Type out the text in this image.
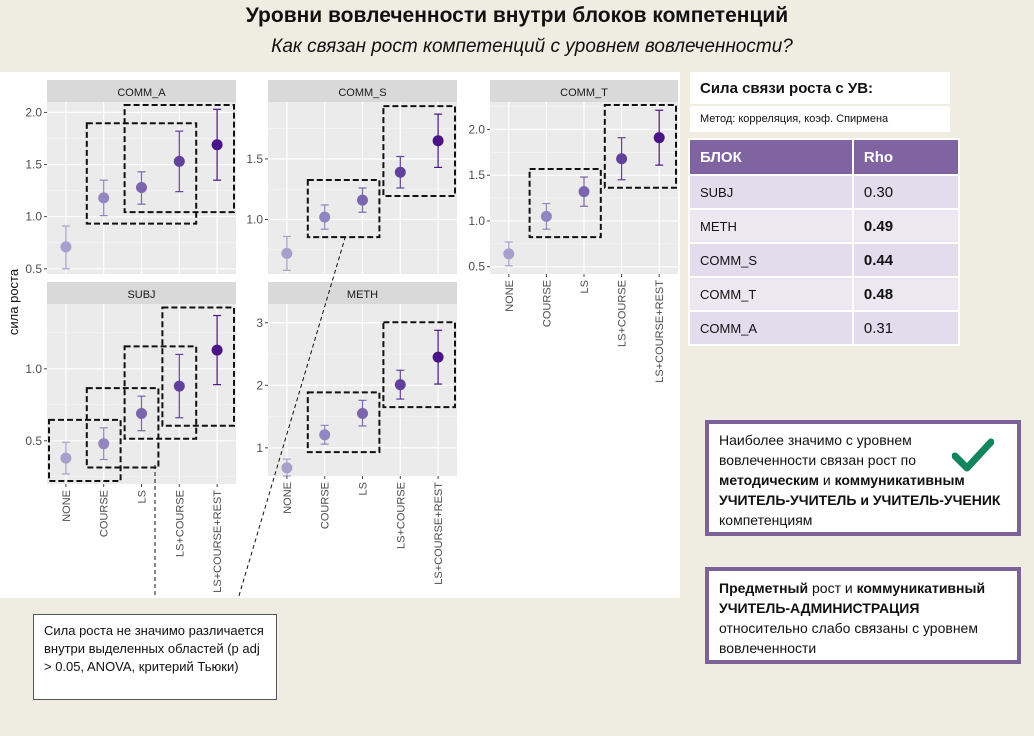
Уровни вовлеченности внутри блоков компетенций
Как связан рост компетенций с уровнем вовлеченности?
COMM_A
0.5
1.0
1.5
2.0
COMM_S
1.0
1.5
COMM_T
0.5
1.0
1.5
2.0
NONE COURSE LS LS+COURSE LS+COURSE+REST
SUBJ
0.5
1.0
NONE COURSE LS LS+COURSE LS+COURSE+REST
METH
1
2
3
NONE COURSE LS LS+COURSE LS+COURSE+REST
сила роста
Сила связи роста с УВ:
Метод: корреляция, коэф. Спирмена
БЛОК	Rho
SUBJ	0.30
METH	0.49
COMM_S	0.44
COMM_T	0.48
COMM_A	0.31
Наиболее значимо с уровнем вовлеченности связан рост по методическим и коммуникативным УЧИТЕЛЬ-УЧИТЕЛЬ и УЧИТЕЛЬ-УЧЕНИК компетенциям
Предметный рост и коммуникативный УЧИТЕЛЬ-АДМИНИСТРАЦИЯ относительно слабо связаны с уровнем вовлеченности
Сила роста не значимо различается внутри выделенных областей (p adj > 0.05, ANOVA, критерий Тьюки)
